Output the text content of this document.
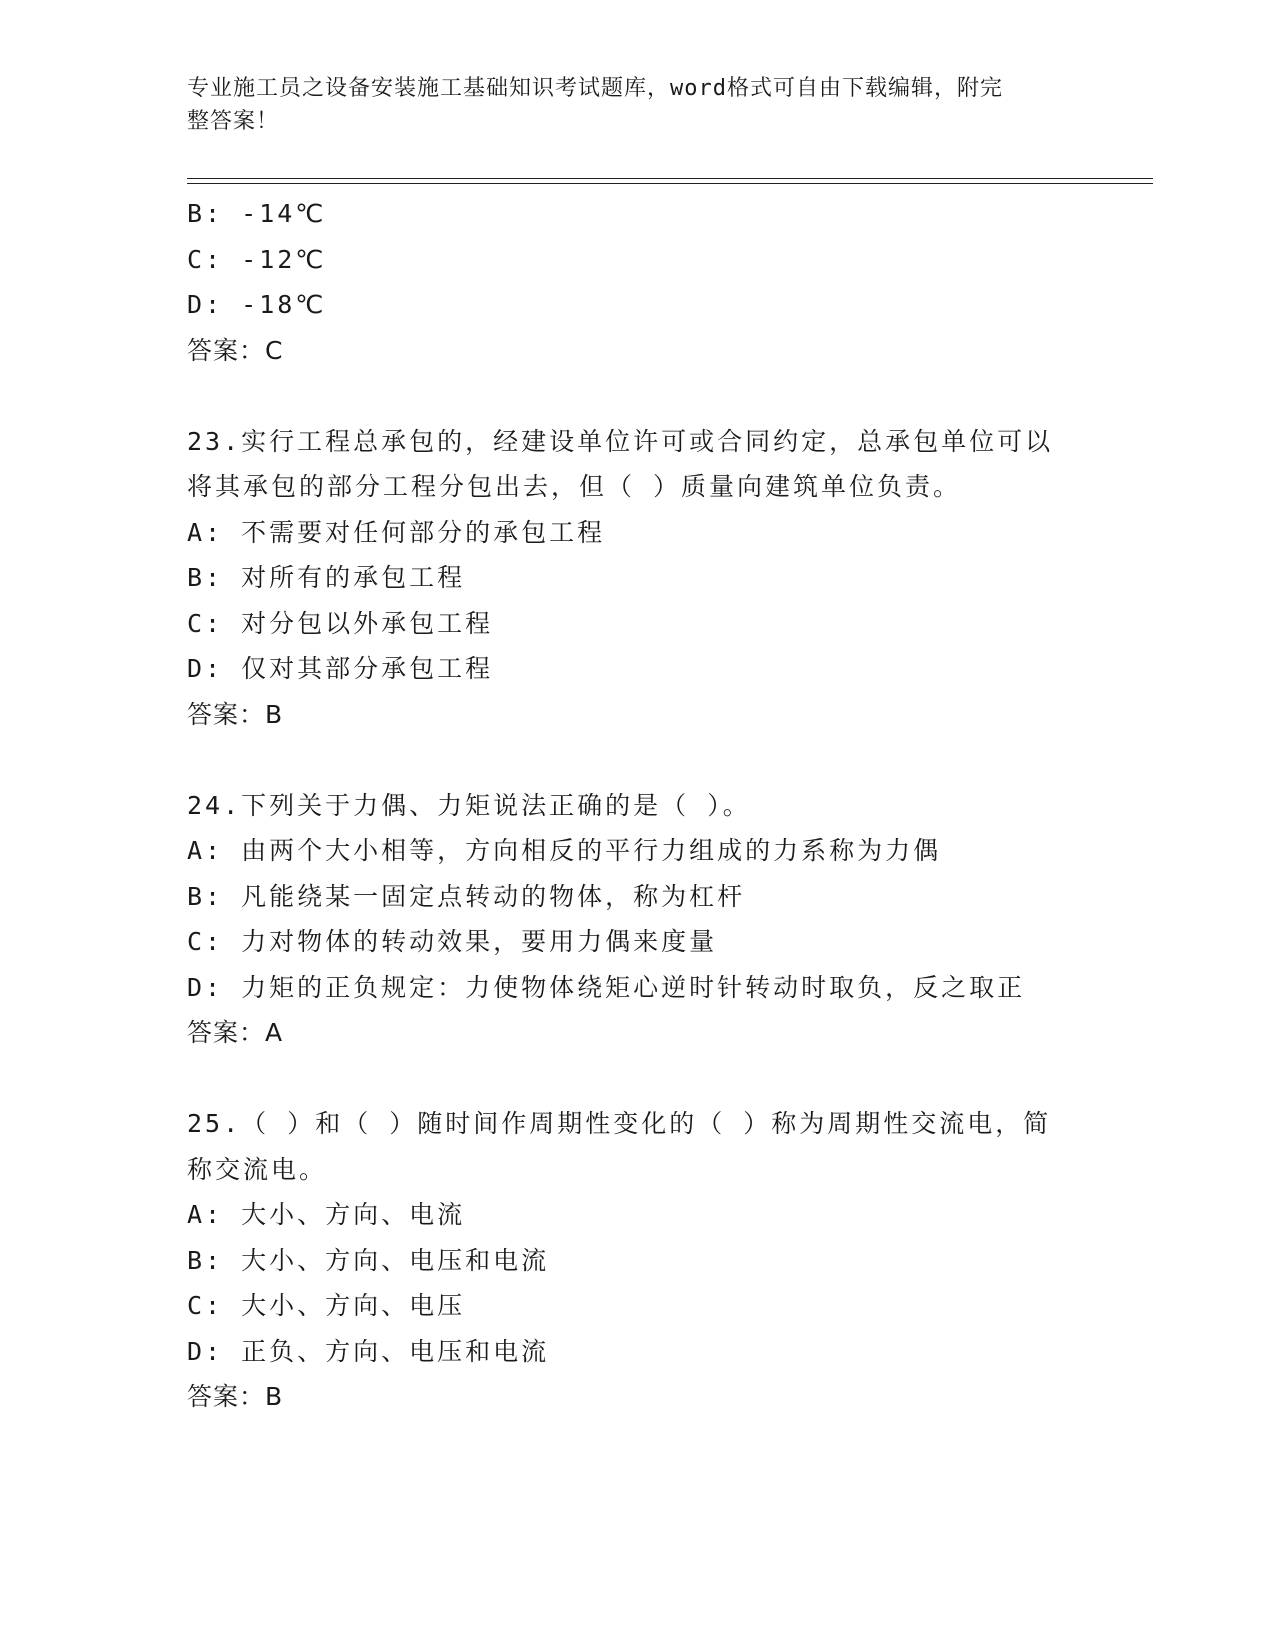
专业施工员之设备安装施工基础知识考试题库，word格式可自由下载编辑，附完
整答案！
B: -14℃
C: -12℃
D: -18℃
答案：C
23.实行工程总承包的，经建设单位许可或合同约定，总承包单位可以
将其承包的部分工程分包出去，但（ ）质量向建筑单位负责。
A: 不需要对任何部分的承包工程
B: 对所有的承包工程
C: 对分包以外承包工程
D: 仅对其部分承包工程
答案：B
24.下列关于力偶、力矩说法正确的是（ ）。
A: 由两个大小相等，方向相反的平行力组成的力系称为力偶
B: 凡能绕某一固定点转动的物体，称为杠杆
C: 力对物体的转动效果，要用力偶来度量
D: 力矩的正负规定：力使物体绕矩心逆时针转动时取负，反之取正
答案：A
25.（ ）和（ ）随时间作周期性变化的（ ）称为周期性交流电，简
称交流电。
A: 大小、方向、电流
B: 大小、方向、电压和电流
C: 大小、方向、电压
D: 正负、方向、电压和电流
答案：B
